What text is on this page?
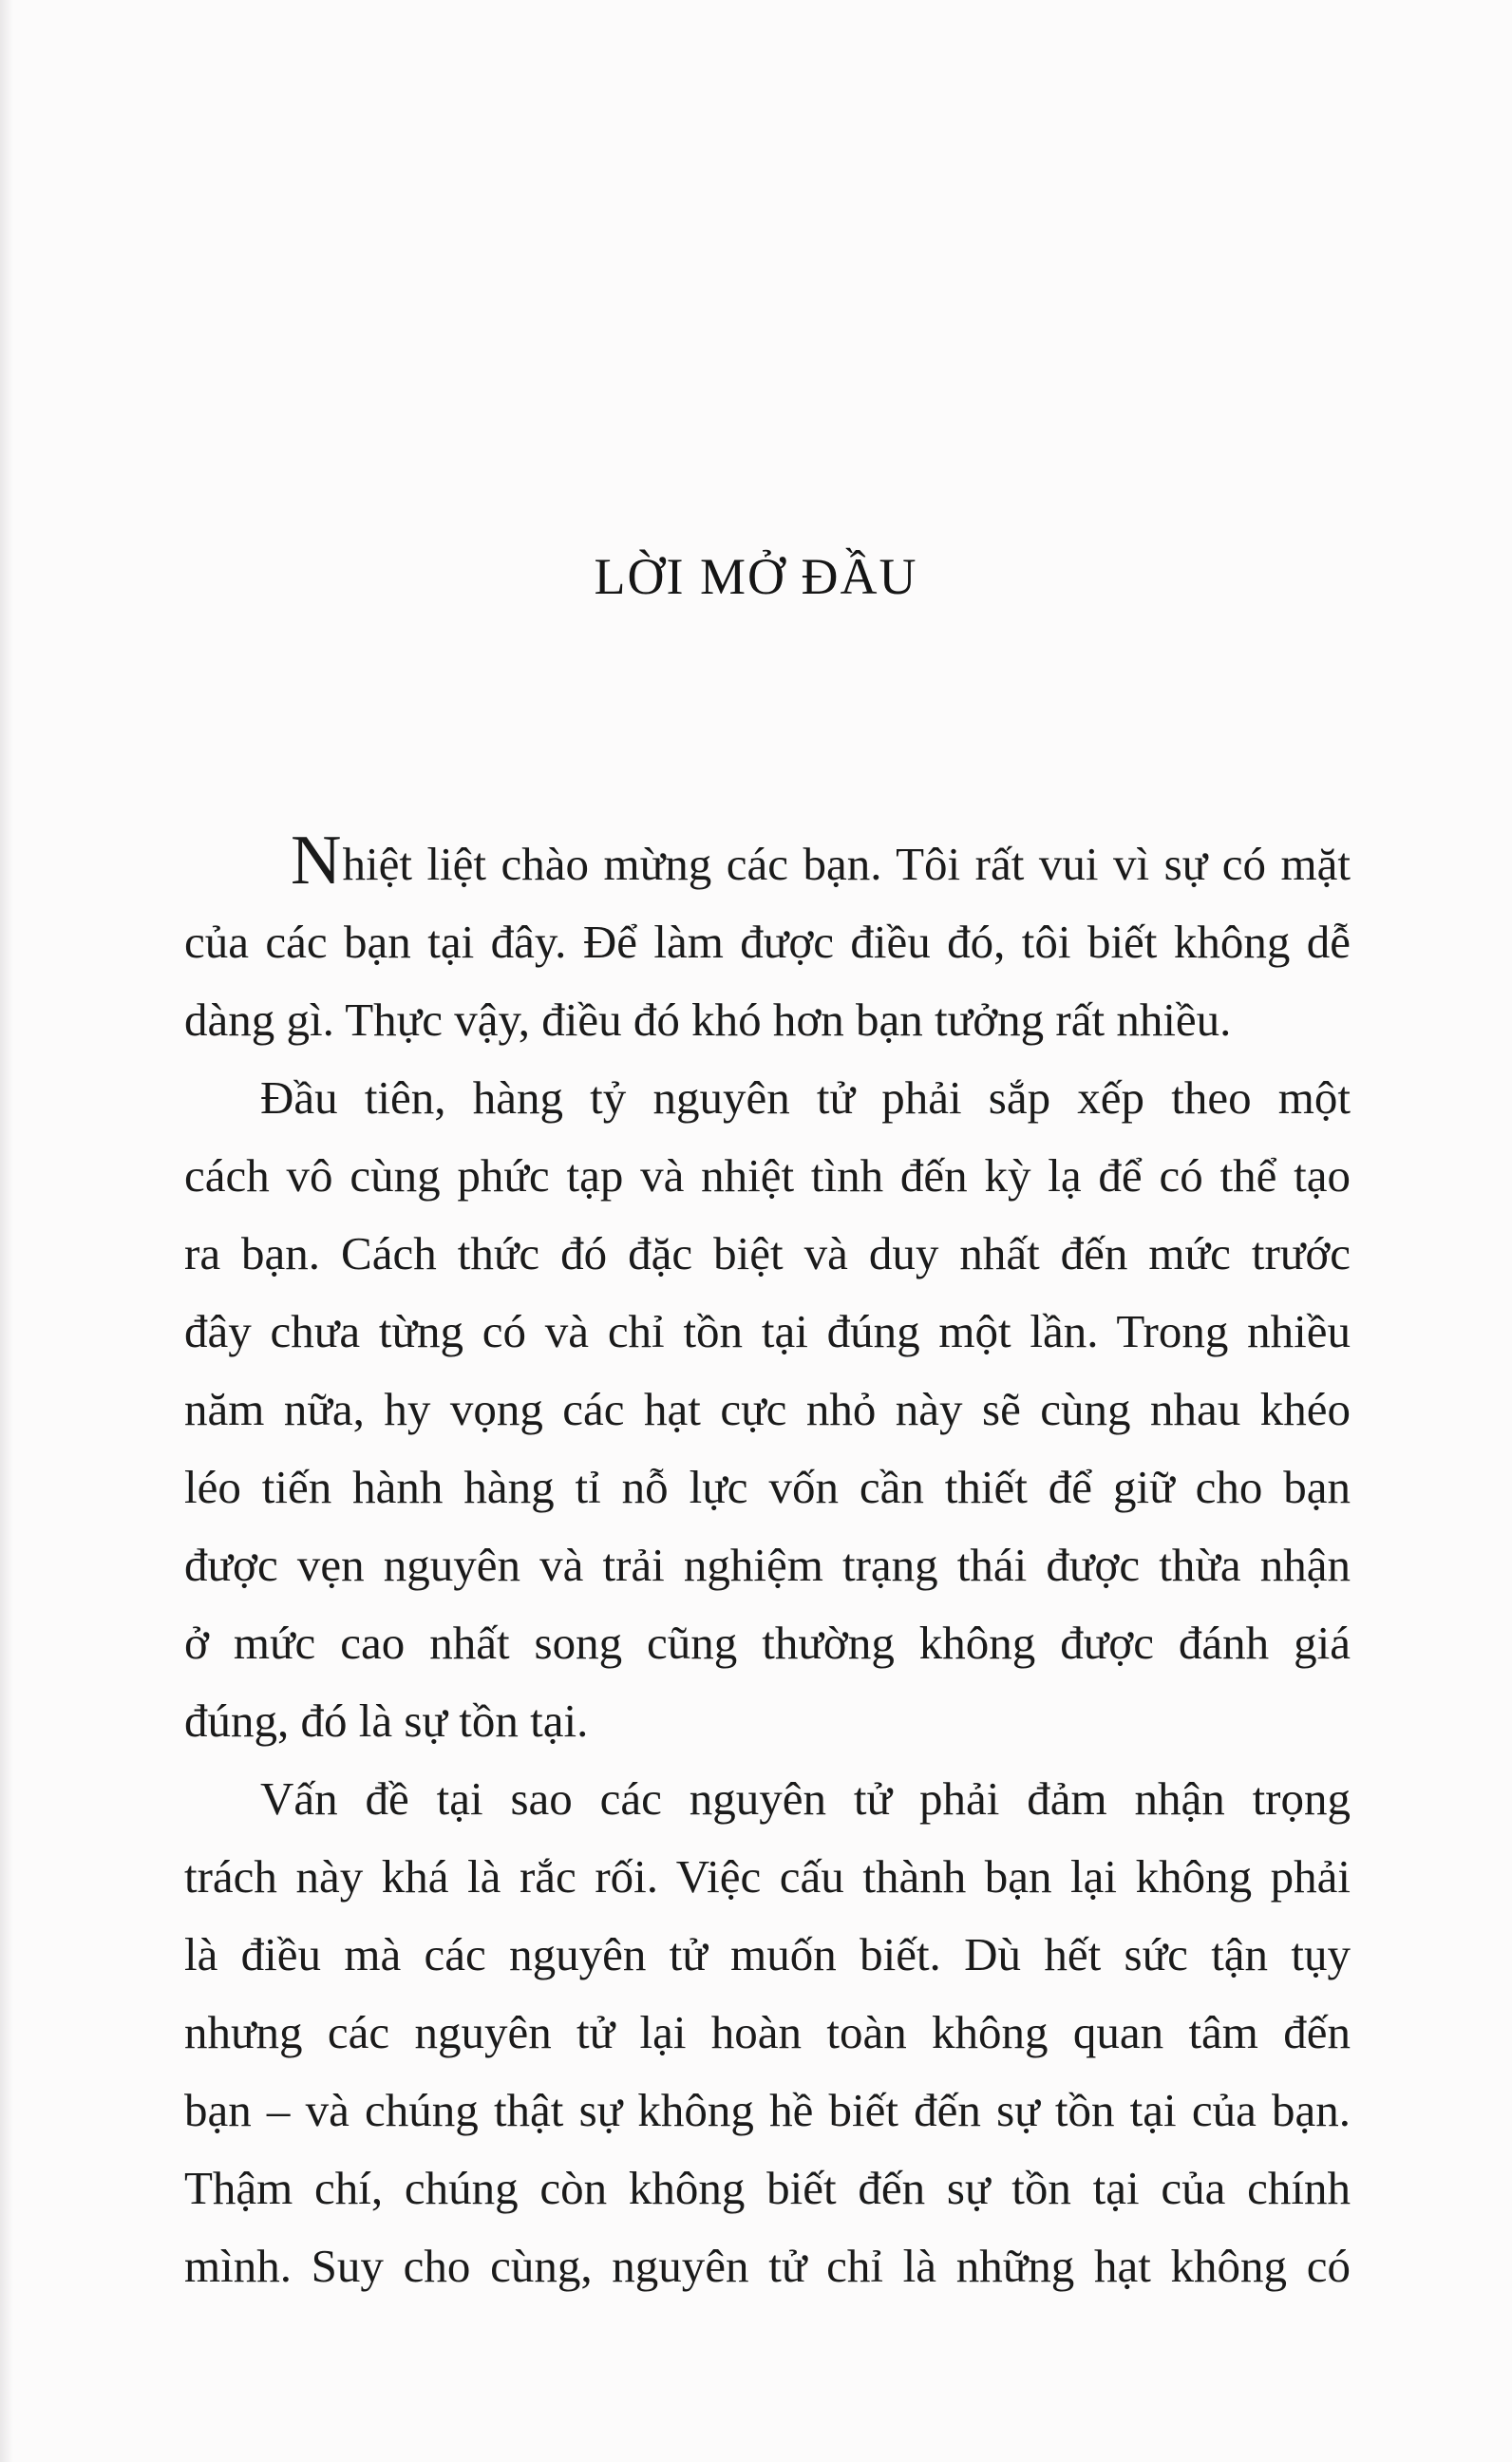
LỜI MỞ ĐẦU
Nhiệt liệt chào mừng các bạn. Tôi rất vui vì sự có mặt
của các bạn tại đây. Để làm được điều đó, tôi biết không dễ
dàng gì. Thực vậy, điều đó khó hơn bạn tưởng rất nhiều.
Đầu tiên, hàng tỷ nguyên tử phải sắp xếp theo một
cách vô cùng phức tạp và nhiệt tình đến kỳ lạ để có thể tạo
ra bạn. Cách thức đó đặc biệt và duy nhất đến mức trước
đây chưa từng có và chỉ tồn tại đúng một lần. Trong nhiều
năm nữa, hy vọng các hạt cực nhỏ này sẽ cùng nhau khéo
léo tiến hành hàng tỉ nỗ lực vốn cần thiết để giữ cho bạn
được vẹn nguyên và trải nghiệm trạng thái được thừa nhận
ở mức cao nhất song cũng thường không được đánh giá
đúng, đó là sự tồn tại.
Vấn đề tại sao các nguyên tử phải đảm nhận trọng
trách này khá là rắc rối. Việc cấu thành bạn lại không phải
là điều mà các nguyên tử muốn biết. Dù hết sức tận tụy
nhưng các nguyên tử lại hoàn toàn không quan tâm đến
bạn – và chúng thật sự không hề biết đến sự tồn tại của bạn.
Thậm chí, chúng còn không biết đến sự tồn tại của chính
mình. Suy cho cùng, nguyên tử chỉ là những hạt không có
